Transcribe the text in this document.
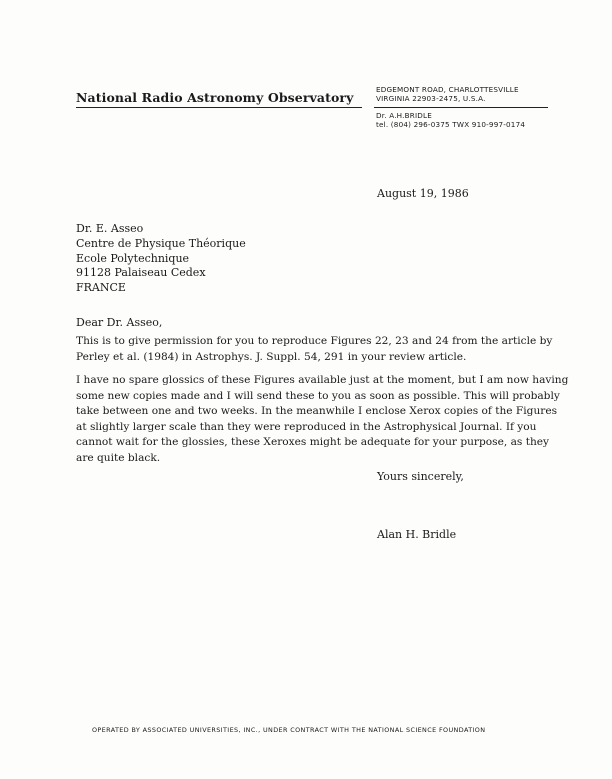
National Radio Astronomy Observatory
EDGEMONT ROAD, CHARLOTTESVILLE
VIRGINIA 22903-2475, U.S.A.
Dr. A.H.BRIDLE
tel. (804) 296-0375 TWX 910-997-0174
August 19, 1986
Dr. E. Asseo
Centre de Physique Théorique
Ecole Polytechnique
91128 Palaiseau Cedex
FRANCE
Dear Dr. Asseo,
This is to give permission for you to reproduce Figures 22, 23 and 24 from the article by
Perley et al. (1984) in Astrophys. J. Suppl. 54, 291 in your review article.
I have no spare glossics of these Figures available just at the moment, but I am now having
some new copies made and I will send these to you as soon as possible. This will probably
take between one and two weeks. In the meanwhile I enclose Xerox copies of the Figures
at slightly larger scale than they were reproduced in the Astrophysical Journal. If you
cannot wait for the glossies, these Xeroxes might be adequate for your purpose, as they
are quite black.
Yours sincerely,
Alan H. Bridle
OPERATED BY ASSOCIATED UNIVERSITIES, INC., UNDER CONTRACT WITH THE NATIONAL SCIENCE FOUNDATION
